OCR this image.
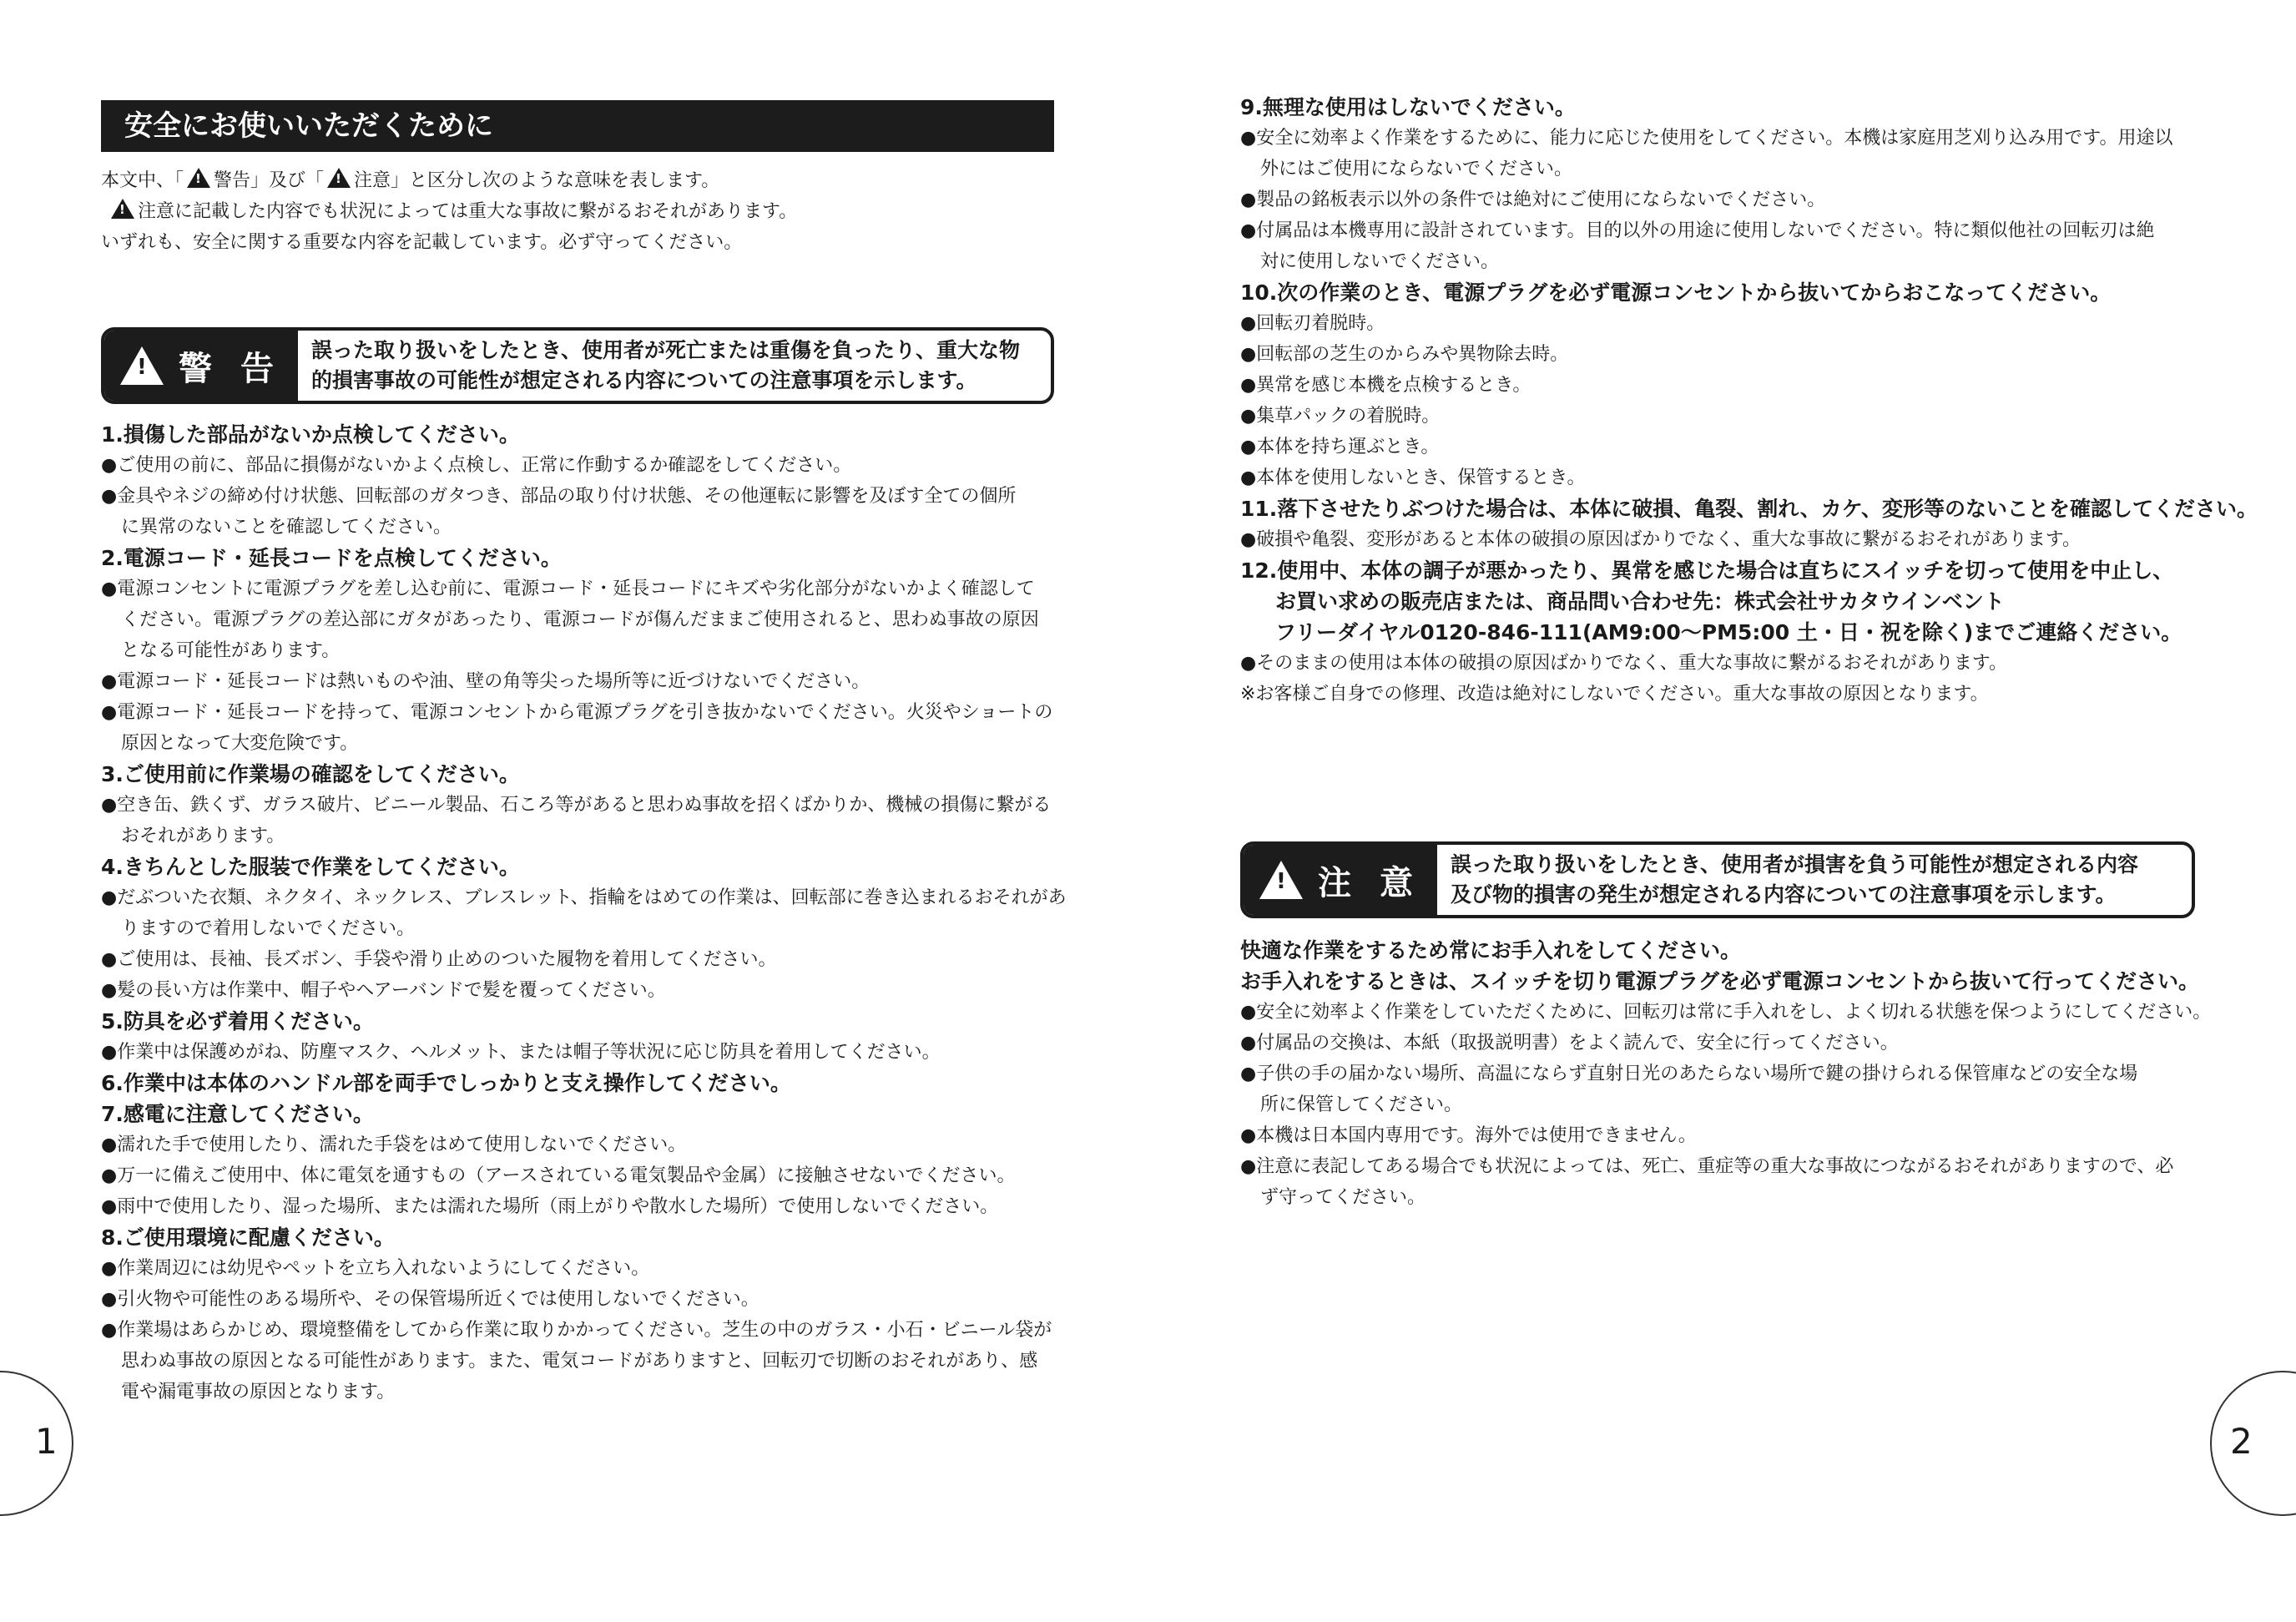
安全にお使いいただくために

本文中、「 ! 警告」及び「 ! 注意」と区分し次のような意味を表します。

!注意に記載した内容でも状況によっては重大な事故に繋がるおそれがあります。

いずれも、安全に関する重要な内容を記載しています。必ず守ってください。

!
警 告 誤った取り扱いをしたとき、使用者が死亡または重傷を負ったり、重大な物

的損害事故の可能性が想定される内容についての注意事項を示します。

1.損傷した部品がないか点検してください。

●ご使用の前に、部品に損傷がないかよく点検し、正常に作動するか確認をしてください。

●金具やネジの締め付け状態、回転部のガタつき、部品の取り付け状態、その他運転に影響を及ぼす全ての個所

に異常のないことを確認してください。

2.電源コード・延長コードを点検してください。

●電源コンセントに電源プラグを差し込む前に、電源コード・延長コードにキズや劣化部分がないかよく確認して

ください。電源プラグの差込部にガタがあったり、電源コードが傷んだままご使用されると、思わぬ事故の原因

となる可能性があります。

●電源コード・延長コードは熱いものや油、壁の角等尖った場所等に近づけないでください。

●電源コード・延長コードを持って、電源コンセントから電源プラグを引き抜かないでください。火災やショートの

原因となって大変危険です。

3.ご使用前に作業場の確認をしてください。

●空き缶、鉄くず、ガラス破片、ビニール製品、石ころ等があると思わぬ事故を招くばかりか、機械の損傷に繋がる

おそれがあります。

4.きちんとした服装で作業をしてください。

●だぶついた衣類、ネクタイ、ネックレス、ブレスレット、指輪をはめての作業は、回転部に巻き込まれるおそれがあ

りますので着用しないでください。

●ご使用は、長袖、長ズボン、手袋や滑り止めのついた履物を着用してください。

●髪の長い方は作業中、帽子やヘアーバンドで髪を覆ってください。

5.防具を必ず着用ください。

●作業中は保護めがね、防塵マスク、ヘルメット、または帽子等状況に応じ防具を着用してください。

6.作業中は本体のハンドル部を両手でしっかりと支え操作してください。

7.感電に注意してください。

●濡れた手で使用したり、濡れた手袋をはめて使用しないでください。

●万一に備えご使用中、体に電気を通すもの（アースされている電気製品や金属）に接触させないでください。

●雨中で使用したり、湿った場所、または濡れた場所（雨上がりや散水した場所）で使用しないでください。

8.ご使用環境に配慮ください。

●作業周辺には幼児やペットを立ち入れないようにしてください。

●引火物や可能性のある場所や、その保管場所近くでは使用しないでください。

●作業場はあらかじめ、環境整備をしてから作業に取りかかってください。芝生の中のガラス・小石・ビニール袋が

思わぬ事故の原因となる可能性があります。また、電気コードがありますと、回転刃で切断のおそれがあり、感

電や漏電事故の原因となります。

1

9.無理な使用はしないでください。

●安全に効率よく作業をするために、能力に応じた使用をしてください。本機は家庭用芝刈り込み用です。用途以

外にはご使用にならないでください。

●製品の銘板表示以外の条件では絶対にご使用にならないでください。

●付属品は本機専用に設計されています。目的以外の用途に使用しないでください。特に類似他社の回転刃は絶

対に使用しないでください。

10.次の作業のとき、電源プラグを必ず電源コンセントから抜いてからおこなってください。

●回転刃着脱時。

●回転部の芝生のからみや異物除去時。

●異常を感じ本機を点検するとき。

●集草パックの着脱時。

●本体を持ち運ぶとき。

●本体を使用しないとき、保管するとき。

11.落下させたりぶつけた場合は、本体に破損、亀裂、割れ、カケ、変形等のないことを確認してください。

●破損や亀裂、変形があると本体の破損の原因ばかりでなく、重大な事故に繋がるおそれがあります。

12.使用中、本体の調子が悪かったり、異常を感じた場合は直ちにスイッチを切って使用を中止し、

お買い求めの販売店または、商品問い合わせ先：株式会社サカタウインベント

フリーダイヤル0120-846-111(AM9:00〜PM5:00 土・日・祝を除く)までご連絡ください。

●そのままの使用は本体の破損の原因ばかりでなく、重大な事故に繋がるおそれがあります。

※お客様ご自身での修理、改造は絶対にしないでください。重大な事故の原因となります。

!
注 意 誤った取り扱いをしたとき、使用者が損害を負う可能性が想定される内容

及び物的損害の発生が想定される内容についての注意事項を示します。

快適な作業をするため常にお手入れをしてください。

お手入れをするときは、スイッチを切り電源プラグを必ず電源コンセントから抜いて行ってください。

●安全に効率よく作業をしていただくために、回転刃は常に手入れをし、よく切れる状態を保つようにしてください。

●付属品の交換は、本紙（取扱説明書）をよく読んで、安全に行ってください。

●子供の手の届かない場所、高温にならず直射日光のあたらない場所で鍵の掛けられる保管庫などの安全な場

所に保管してください。

●本機は日本国内専用です。海外では使用できません。

●注意に表記してある場合でも状況によっては、死亡、重症等の重大な事故につながるおそれがありますので、必

ず守ってください。

2
